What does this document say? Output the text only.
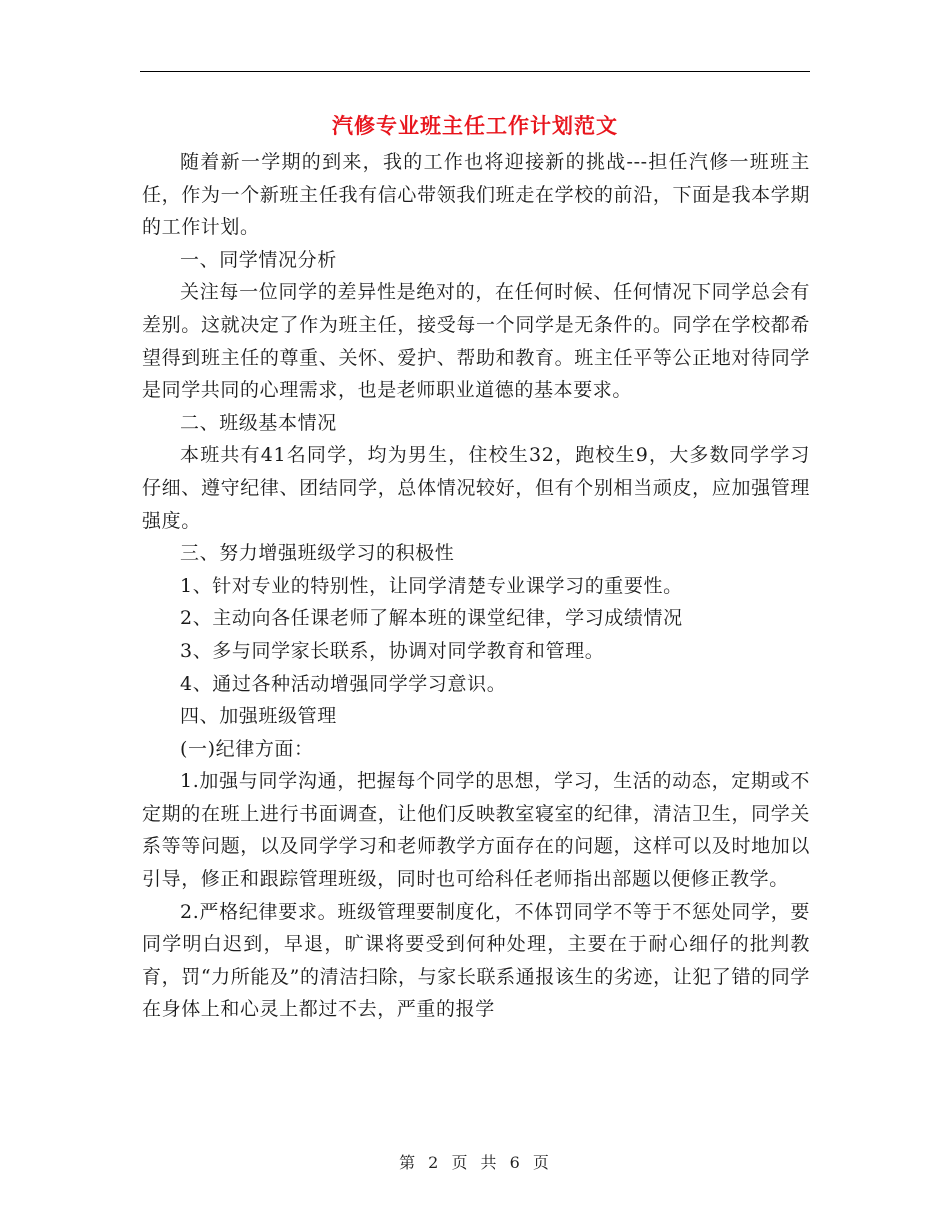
汽修专业班主任工作计划范文

随着新一学期的到来，我的工作也将迎接新的挑战---担任汽修一班班主任，作为一个新班主任我有信心带领我们班走在学校的前沿，下面是我本学期的工作计划。

一、同学情况分析

关注每一位同学的差异性是绝对的，在任何时候、任何情况下同学总会有差别。这就决定了作为班主任，接受每一个同学是无条件的。同学在学校都希望得到班主任的尊重、关怀、爱护、帮助和教育。班主任平等公正地对待同学是同学共同的心理需求，也是老师职业道德的基本要求。

二、班级基本情况

本班共有41名同学，均为男生，住校生32，跑校生9，大多数同学学习仔细、遵守纪律、团结同学，总体情况较好，但有个别相当顽皮，应加强管理强度。

三、努力增强班级学习的积极性

1、针对专业的特别性，让同学清楚专业课学习的重要性。

2、主动向各任课老师了解本班的课堂纪律，学习成绩情况

3、多与同学家长联系，协调对同学教育和管理。

4、通过各种活动增强同学学习意识。

四、加强班级管理

(一)纪律方面：

1.加强与同学沟通，把握每个同学的思想，学习，生活的动态，定期或不定期的在班上进行书面调查，让他们反映教室寝室的纪律，清洁卫生，同学关系等等问题，以及同学学习和老师教学方面存在的问题，这样可以及时地加以引导，修正和跟踪管理班级，同时也可给科任老师指出部题以便修正教学。

2.严格纪律要求。班级管理要制度化，不体罚同学不等于不惩处同学，要同学明白迟到，早退，旷课将要受到何种处理，主要在于耐心细仔的批判教育，罚“力所能及”的清洁扫除，与家长联系通报该生的劣迹，让犯了错的同学在身体上和心灵上都过不去，严重的报学

第 2 页 共 6 页
